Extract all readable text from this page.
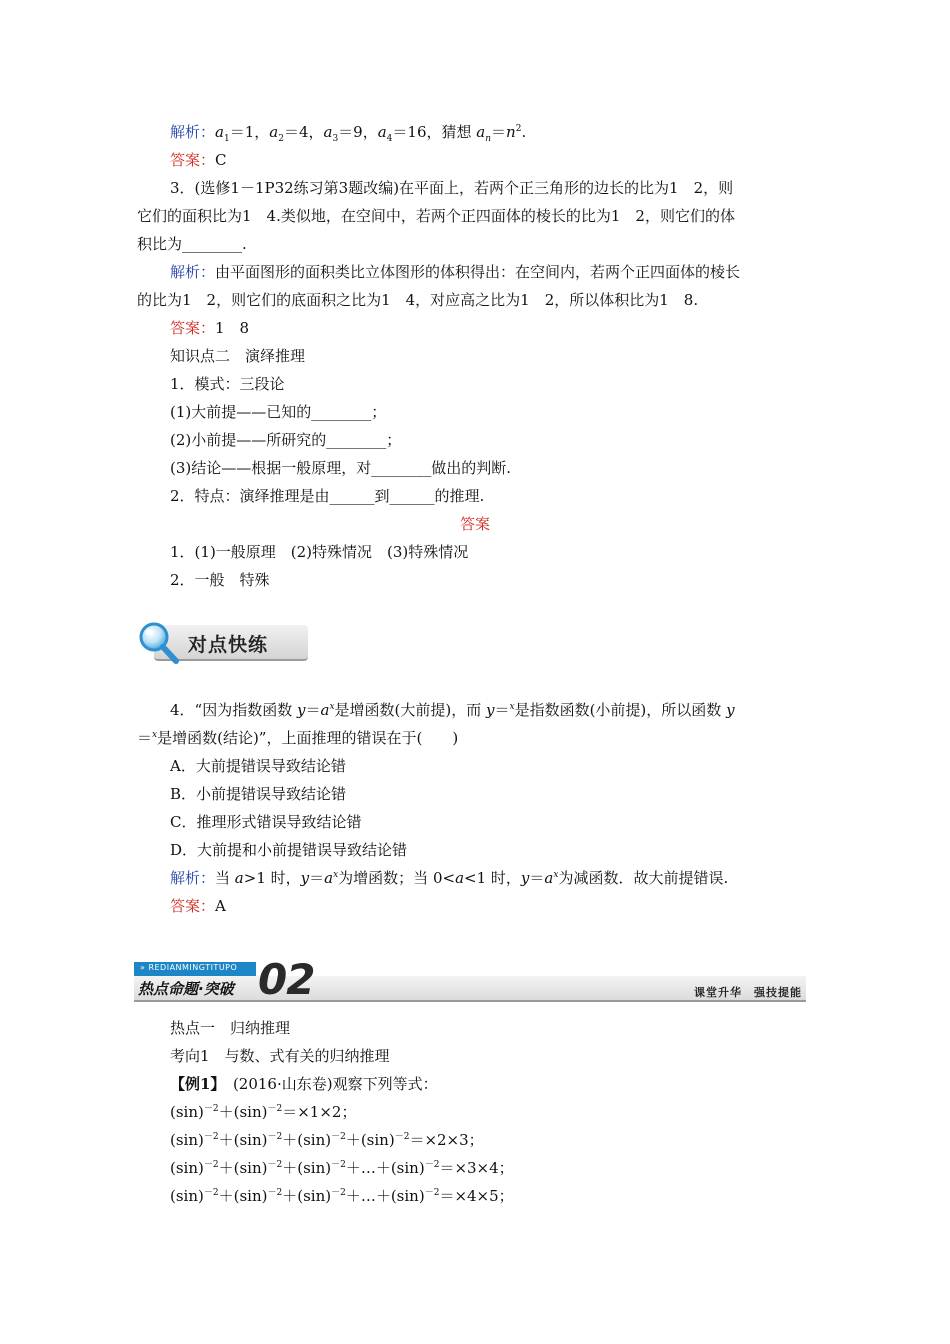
解析：$a_1=1$，$a_2=4$，$a_3=9$，$a_4=16$，猜想 $a_n=n^2$.
答案：C
3．(选修1－1P32练习第3题改编)在平面上，若两个正三角形的边长的比为1　2，则
它们的面积比为1　4.类似地，在空间中，若两个正四面体的棱长的比为1　2，则它们的体
积比为________.
解析：由平面图形的面积类比立体图形的体积得出：在空间内，若两个正四面体的棱长
的比为1　2，则它们的底面积之比为1　4，对应高之比为1　2，所以体积比为1　8.
答案：1　8
知识点二　演绎推理
1．模式：三段论
(1)大前提——已知的________；
(2)小前提——所研究的________；
(3)结论——根据一般原理，对________做出的判断.
2．特点：演绎推理是由______到______的推理.
答案
1．(1)一般原理　(2)特殊情况　(3)特殊情况
2．一般　特殊
对点快练
4．“因为指数函数 $y=a^x$是增函数(大前提)，而 y＝$^x$是指数函数(小前提)，所以函数 y
＝$^x$是增函数(结论)”，上面推理的错误在于(　　)
A．大前提错误导致结论错
B．小前提错误导致结论错
C．推理形式错误导致结论错
D．大前提和小前提错误导致结论错
解析：当 a>1 时，$y=a^x$为增函数；当 0<a<1 时，$y=a^x$为减函数．故大前提错误.
答案：A
» REDIANMINGTITUPO
热点命题·突破 02	课堂升华　强技提能
热点一　归纳推理
考向1　与数、式有关的归纳推理
【例1】　(2016·山东卷)观察下列等式：
$(\sin)^{-2}+(\sin)^{-2}=\times 1\times 2$；
$(\sin)^{-2}+(\sin)^{-2}+(\sin)^{-2}+(\sin)^{-2}=\times 2\times 3$；
$(\sin)^{-2}+(\sin)^{-2}+(\sin)^{-2}+\dots+(\sin)^{-2}=\times 3\times 4$；
$(\sin)^{-2}+(\sin)^{-2}+(\sin)^{-2}+\dots+(\sin)^{-2}=\times 4\times 5$；
